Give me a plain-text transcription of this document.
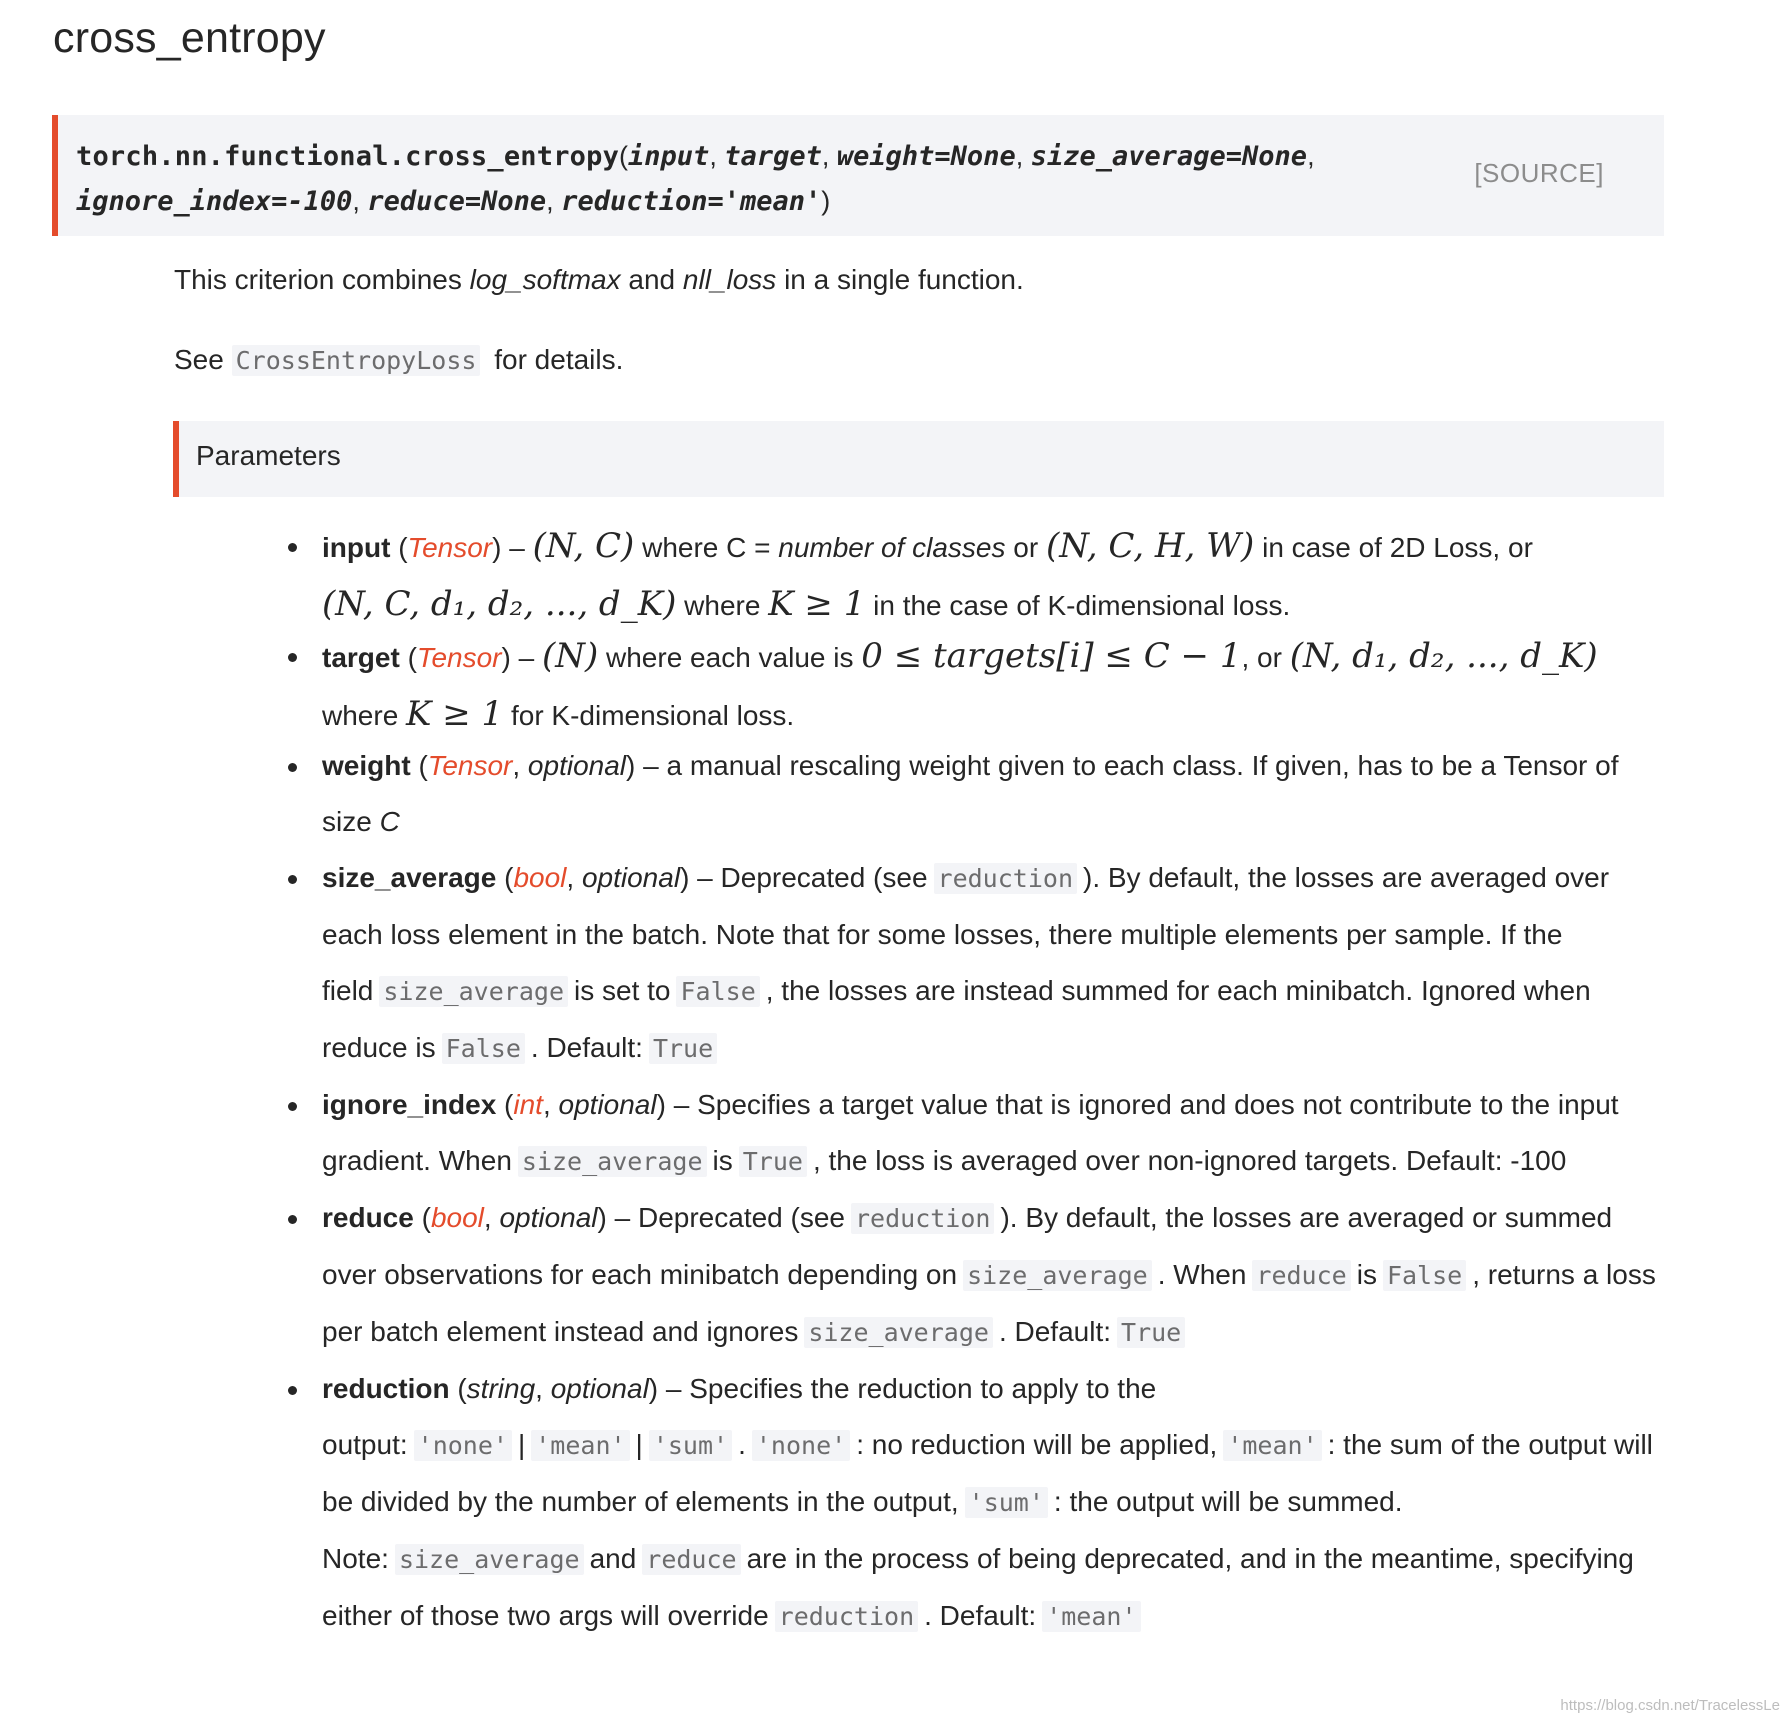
cross_entropy
torch.nn.functional.cross_entropy(input, target, weight=None, size_average=None,
ignore_index=-100, reduce=None, reduction='mean')
[SOURCE]

This criterion combines log_softmax and nll_loss in a single function.

See CrossEntropyLoss for details.

Parameters
input (Tensor) – (N, C) where C = number of classes or (N, C, H, W) in case of 2D Loss, or
(N, C, d₁, d₂, ..., d_K) where K ≥ 1 in the case of K-dimensional loss.
target (Tensor) – (N) where each value is 0 ≤ targets[i] ≤ C − 1, or (N, d₁, d₂, ..., d_K)
where K ≥ 1 for K-dimensional loss.
weight (Tensor, optional) – a manual rescaling weight given to each class. If given, has to be a Tensor of size C
size_average (bool, optional) – Deprecated (see reduction ). By default, the losses are averaged over each loss element in the batch. Note that for some losses, there multiple elements per sample. If the field size_average is set to False , the losses are instead summed for each minibatch. Ignored when reduce is False . Default: True
ignore_index (int, optional) – Specifies a target value that is ignored and does not contribute to the input gradient. When size_average is True , the loss is averaged over non-ignored targets. Default: -100
reduce (bool, optional) – Deprecated (see reduction ). By default, the losses are averaged or summed over observations for each minibatch depending on size_average . When reduce is False , returns a loss per batch element instead and ignores size_average . Default: True
reduction (string, optional) – Specifies the reduction to apply to the output: 'none' | 'mean' | 'sum' . 'none' : no reduction will be applied, 'mean' : the sum of the output will be divided by the number of elements in the output, 'sum' : the output will be summed. Note: size_average and reduce are in the process of being deprecated, and in the meantime, specifying either of those two args will override reduction . Default: 'mean'
https://blog.csdn.net/TracelessLe
